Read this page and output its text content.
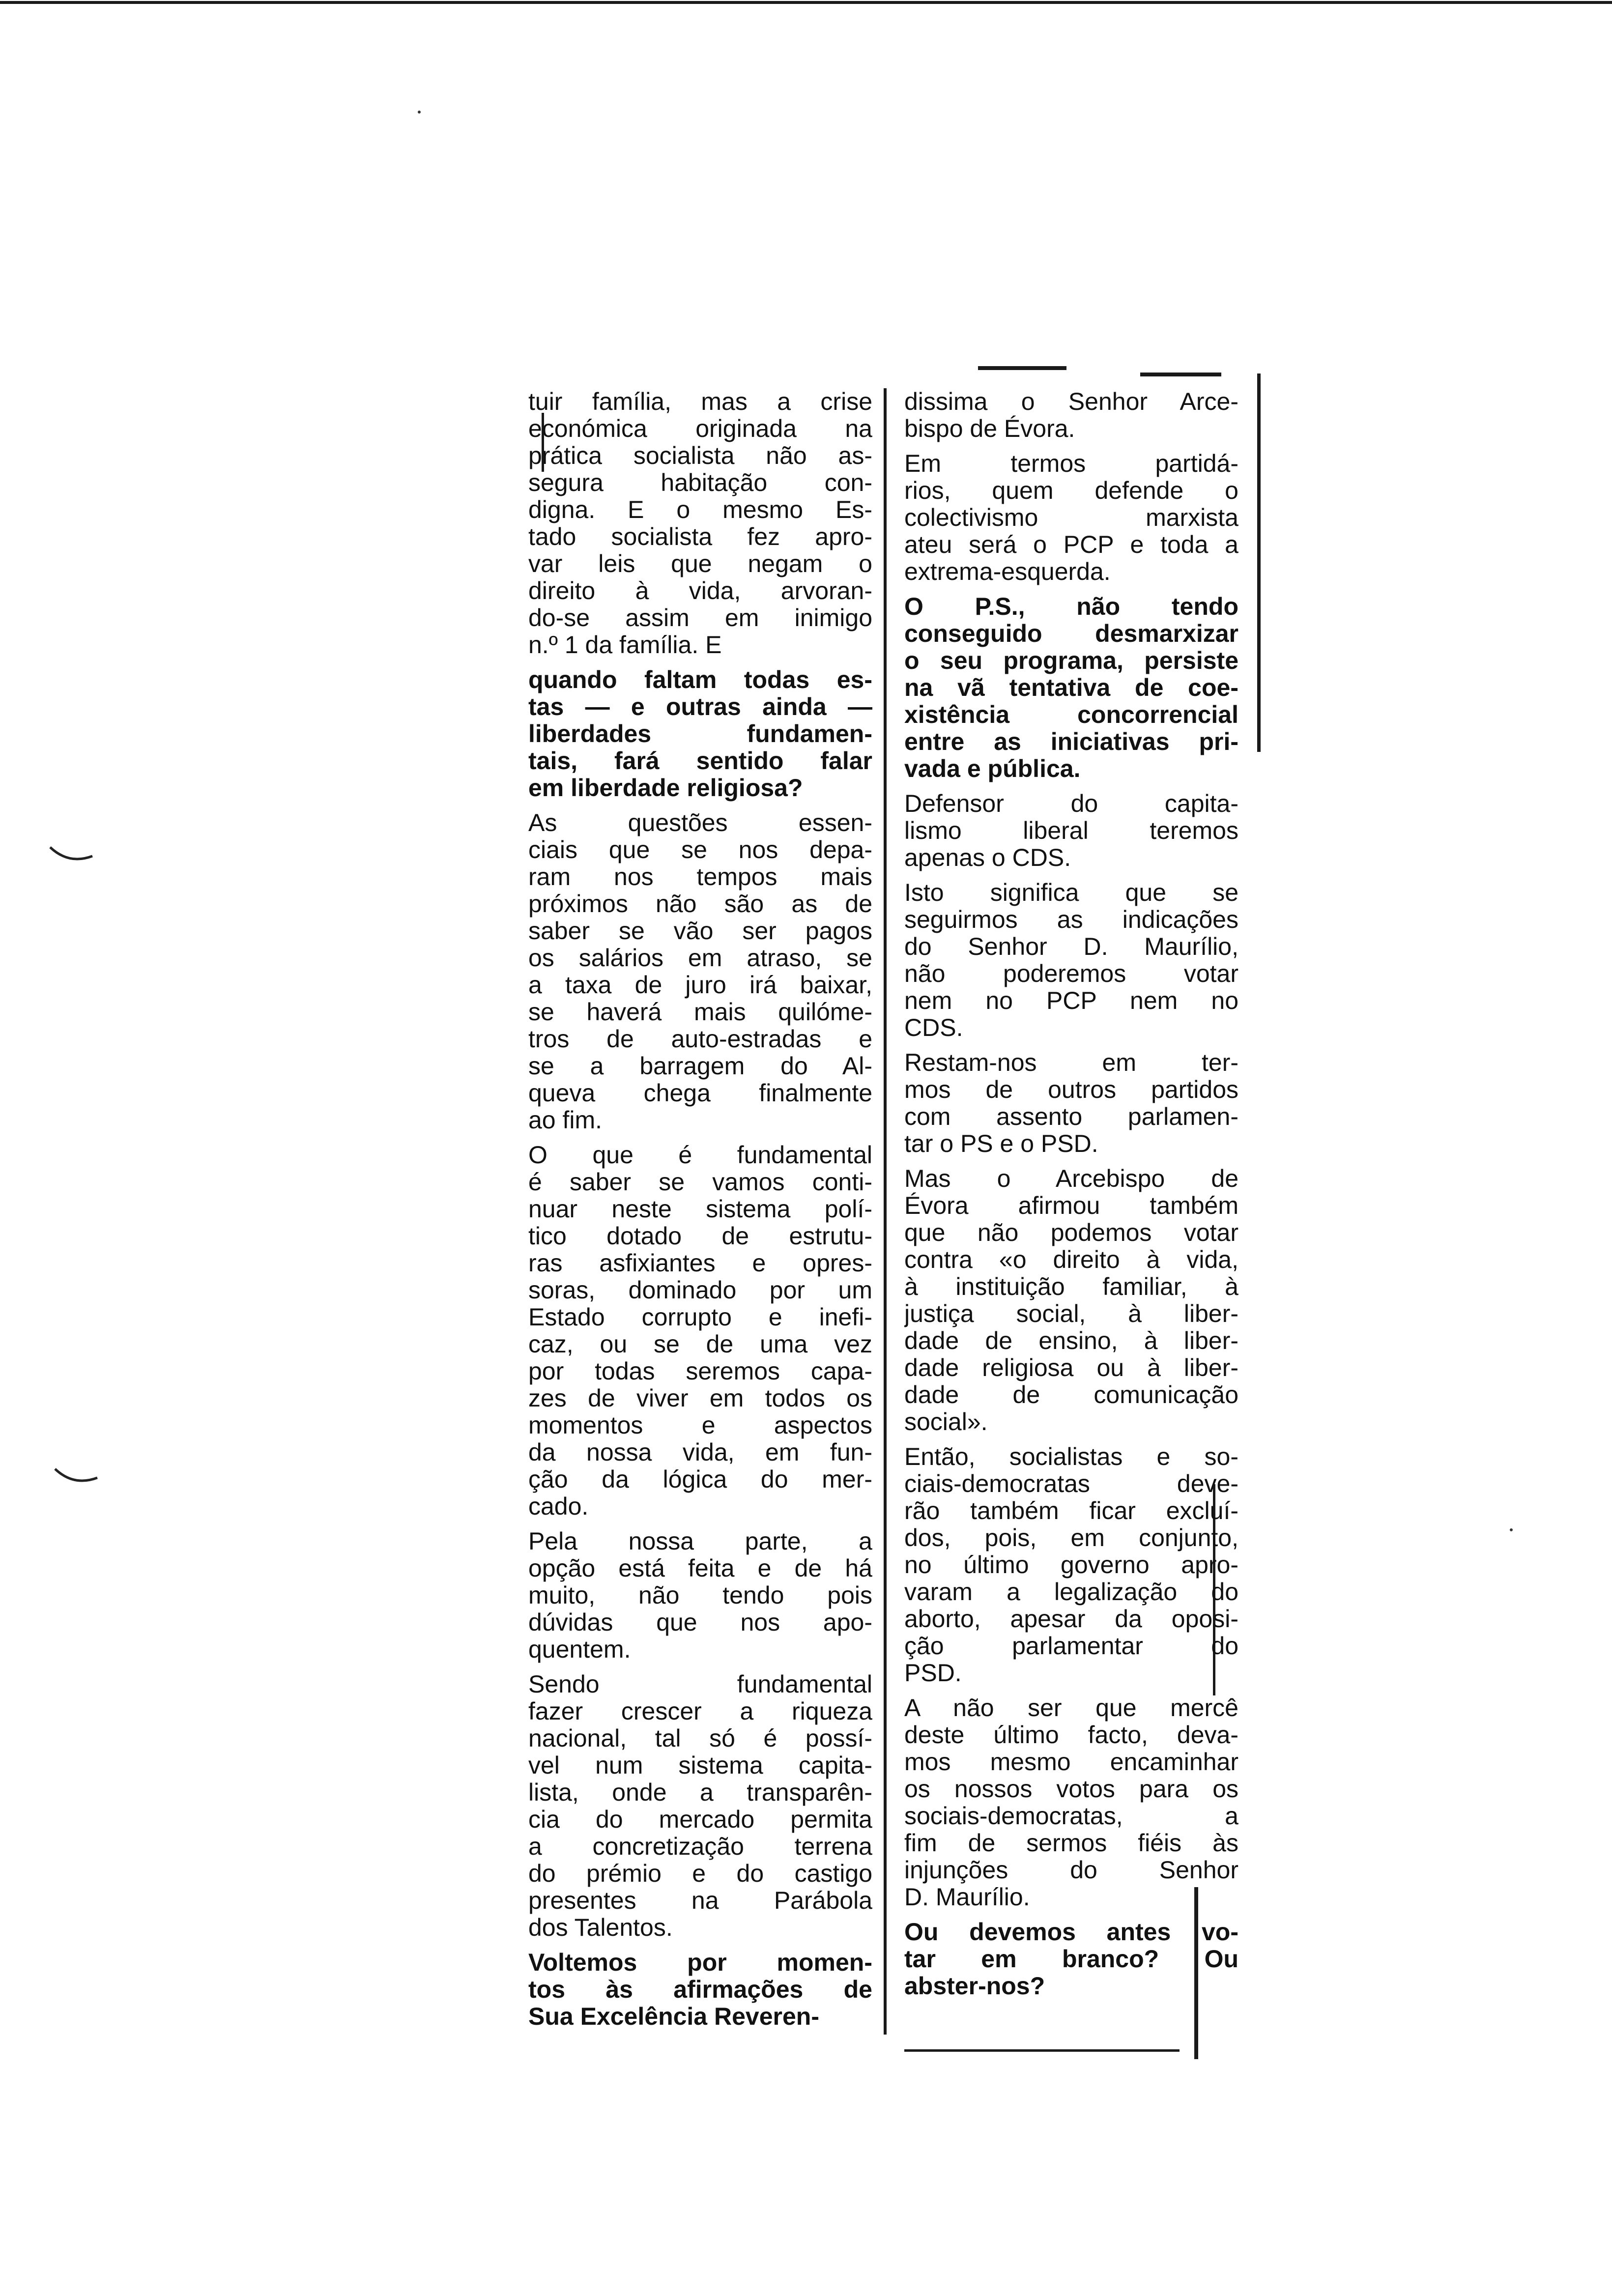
tuir família, mas a crise
económica originada na
prática socialista não as-
segura habitação con-
digna. E o mesmo Es-
tado socialista fez apro-
var leis que negam o
direito à vida, arvoran-
do-se assim em inimigo
n.º 1 da família. E
quando faltam todas es-
tas — e outras ainda —
liberdades fundamen-
tais, fará sentido falar
em liberdade religiosa?
As questões essen-
ciais que se nos depa-
ram nos tempos mais
próximos não são as de
saber se vão ser pagos
os salários em atraso, se
a taxa de juro irá baixar,
se haverá mais quilóme-
tros de auto-estradas e
se a barragem do Al-
queva chega finalmente
ao fim.
O que é fundamental
é saber se vamos conti-
nuar neste sistema polí-
tico dotado de estrutu-
ras asfixiantes e opres-
soras, dominado por um
Estado corrupto e inefi-
caz, ou se de uma vez
por todas seremos capa-
zes de viver em todos os
momentos e aspectos
da nossa vida, em fun-
ção da lógica do mer-
cado.
Pela nossa parte, a
opção está feita e de há
muito, não tendo pois
dúvidas que nos apo-
quentem.
Sendo fundamental
fazer crescer a riqueza
nacional, tal só é possí-
vel num sistema capita-
lista, onde a transparên-
cia do mercado permita
a concretização terrena
do prémio e do castigo
presentes na Parábola
dos Talentos.
Voltemos por momen-
tos às afirmações de
Sua Excelência Reveren-
dissima o Senhor Arce-
bispo de Évora.
Em termos partidá-
rios, quem defende o
colectivismo marxista
ateu será o PCP e toda a
extrema-esquerda.
O P.S., não tendo
conseguido desmarxizar
o seu programa, persiste
na vã tentativa de coe-
xistência concorrencial
entre as iniciativas pri-
vada e pública.
Defensor do capita-
lismo liberal teremos
apenas o CDS.
Isto significa que se
seguirmos as indicações
do Senhor D. Maurílio,
não poderemos votar
nem no PCP nem no
CDS.
Restam-nos em ter-
mos de outros partidos
com assento parlamen-
tar o PS e o PSD.
Mas o Arcebispo de
Évora afirmou também
que não podemos votar
contra «o direito à vida,
à instituição familiar, à
justiça social, à liber-
dade de ensino, à liber-
dade religiosa ou à liber-
dade de comunicação
social».
Então, socialistas e so-
ciais-democratas deve-
rão também ficar excluí-
dos, pois, em conjunto,
no último governo apro-
varam a legalização do
aborto, apesar da oposi-
ção parlamentar do
PSD.
A não ser que mercê
deste último facto, deva-
mos mesmo encaminhar
os nossos votos para os
sociais-democratas, a
fim de sermos fiéis às
injunções do Senhor
D. Maurílio.
Ou devemos antes vo-
tar em branco? Ou
abster-nos?
